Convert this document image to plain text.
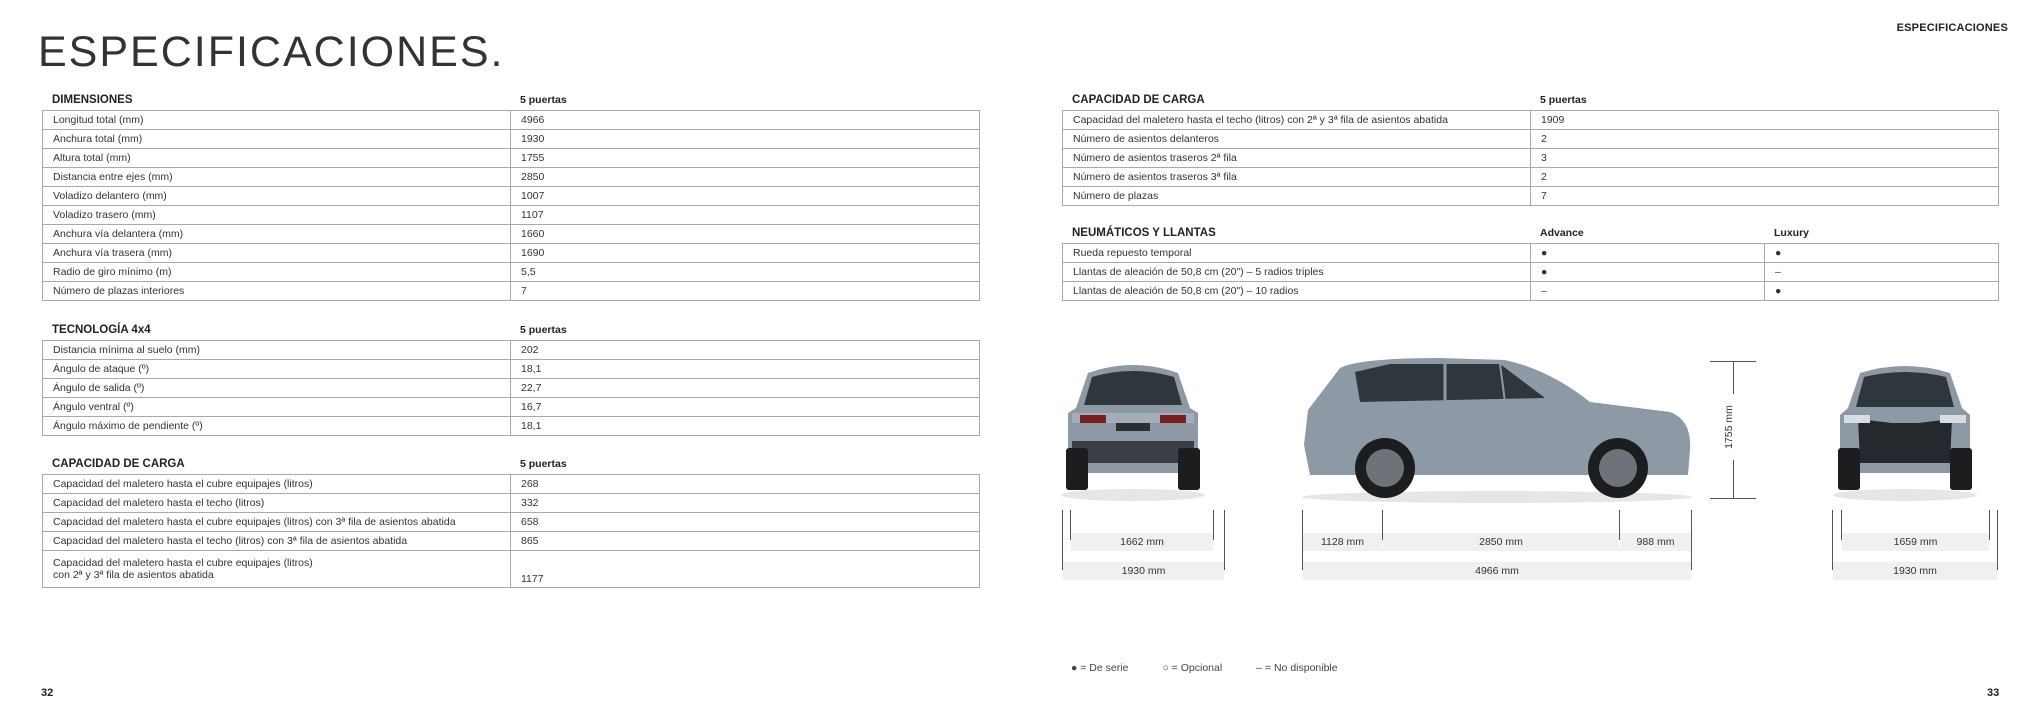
ESPECIFICACIONES.	ESPECIFICACIONES
32	33
DIMENSIONES	5 puertas
Longitud total (mm)	4966
Anchura total (mm)	1930
Altura total (mm)	1755
Distancia entre ejes (mm)	2850
Voladizo delantero (mm)	1007
Voladizo trasero (mm)	1107
Anchura vía delantera (mm)	1660
Anchura vía trasera (mm)	1690
Radio de giro mínimo (m)	5,5
Número de plazas interiores	7
TECNOLOGÍA 4x4	5 puertas
Distancia mínima al suelo (mm)	202
Ángulo de ataque (º)	18,1
Ángulo de salida (º)	22,7
Ángulo ventral (º)	16,7
Ángulo máximo de pendiente (º)	18,1
CAPACIDAD DE CARGA	5 puertas
Capacidad del maletero hasta el cubre equipajes (litros)	268
Capacidad del maletero hasta el techo (litros)	332
Capacidad del maletero hasta el cubre equipajes (litros) con 3ª fila de asientos abatida	658
Capacidad del maletero hasta el techo (litros) con 3ª fila de asientos abatida	865
Capacidad del maletero hasta el cubre equipajes (litros)
con 2ª y 3ª fila de asientos abatida	1177
CAPACIDAD DE CARGA	5 puertas
Capacidad del maletero hasta el techo (litros) con 2ª y 3ª fila de asientos abatida	1909
Número de asientos delanteros	2
Número de asientos traseros 2ª fila	3
Número de asientos traseros 3ª fila	2
Número de plazas	7
NEUMÁTICOS Y LLANTAS	Advance	Luxury
Rueda repuesto temporal	●	●
Llantas de aleación de 50,8 cm (20") – 5 radios triples	●	–
Llantas de aleación de 50,8 cm (20") – 10 radios	–	●
1755 mm
1662 mm
1930 mm
1128 mm	2850 mm	988 mm
4966 mm
1659 mm
1930 mm
● = De serie	○ = Opcional	– = No disponible
